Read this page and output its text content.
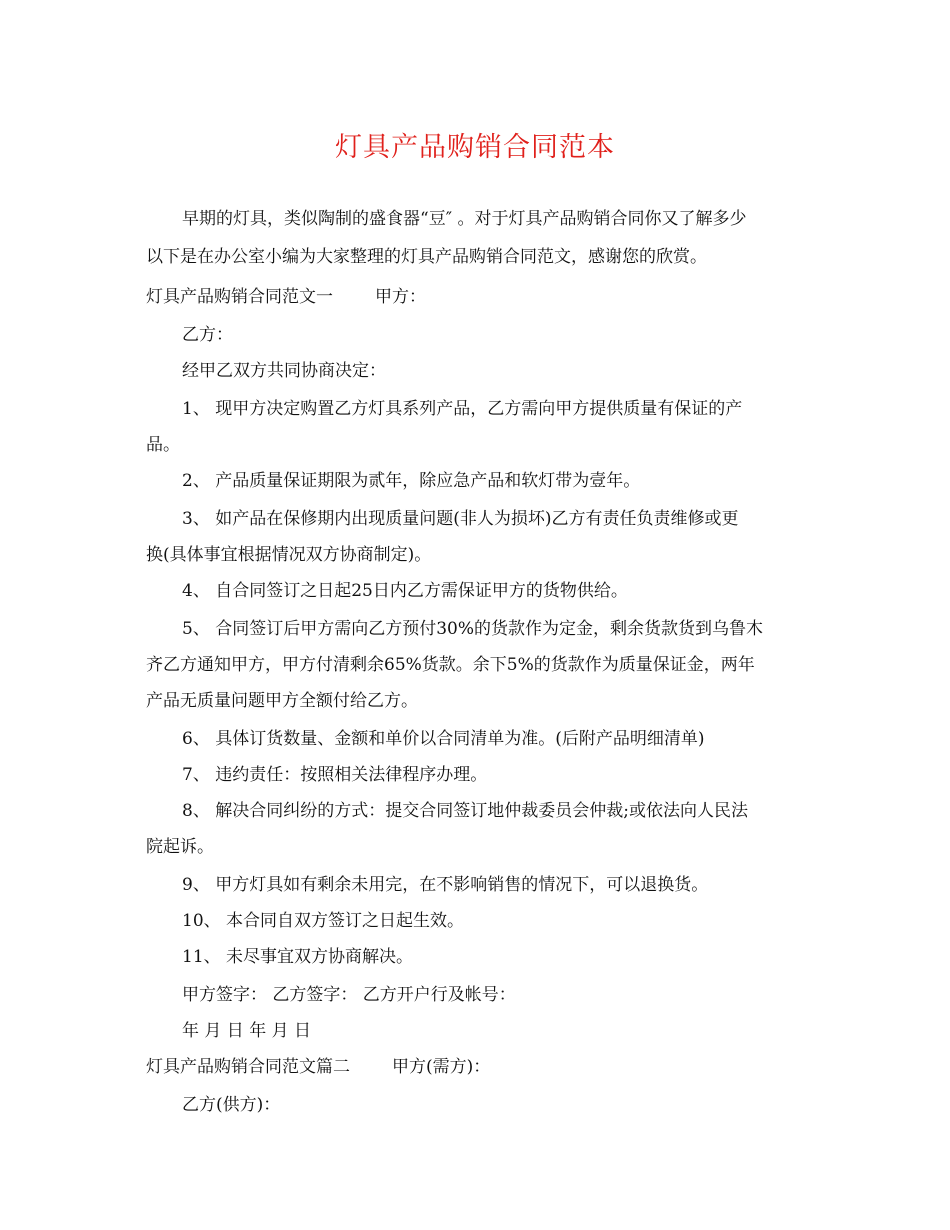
灯具产品购销合同范本
早期的灯具，类似陶制的盛食器“豆″ 。对于灯具产品购销合同你又了解多少
以下是在办公室小编为大家整理的灯具产品购销合同范文，感谢您的欣赏。
灯具产品购销合同范文一 甲方：
乙方：
经甲乙双方共同协商决定：
1、 现甲方决定购置乙方灯具系列产品，乙方需向甲方提供质量有保证的产
品。
2、 产品质量保证期限为贰年，除应急产品和软灯带为壹年。
3、 如产品在保修期内出现质量问题(非人为损坏)乙方有责任负责维修或更
换(具体事宜根据情况双方协商制定)。
4、 自合同签订之日起25日内乙方需保证甲方的货物供给。
5、 合同签订后甲方需向乙方预付30%的货款作为定金，剩余货款货到乌鲁木
齐乙方通知甲方，甲方付清剩余65%货款。余下5%的货款作为质量保证金，两年
产品无质量问题甲方全额付给乙方。
6、 具体订货数量、金额和单价以合同清单为准。(后附产品明细清单)
7、 违约责任：按照相关法律程序办理。
8、 解决合同纠纷的方式：提交合同签订地仲裁委员会仲裁;或依法向人民法
院起诉。
9、 甲方灯具如有剩余未用完，在不影响销售的情况下，可以退换货。
10、 本合同自双方签订之日起生效。
11、 未尽事宜双方协商解决。
甲方签字： 乙方签字： 乙方开户行及帐号：
年 月 日 年 月 日
灯具产品购销合同范文篇二 甲方(需方)：
乙方(供方)：
